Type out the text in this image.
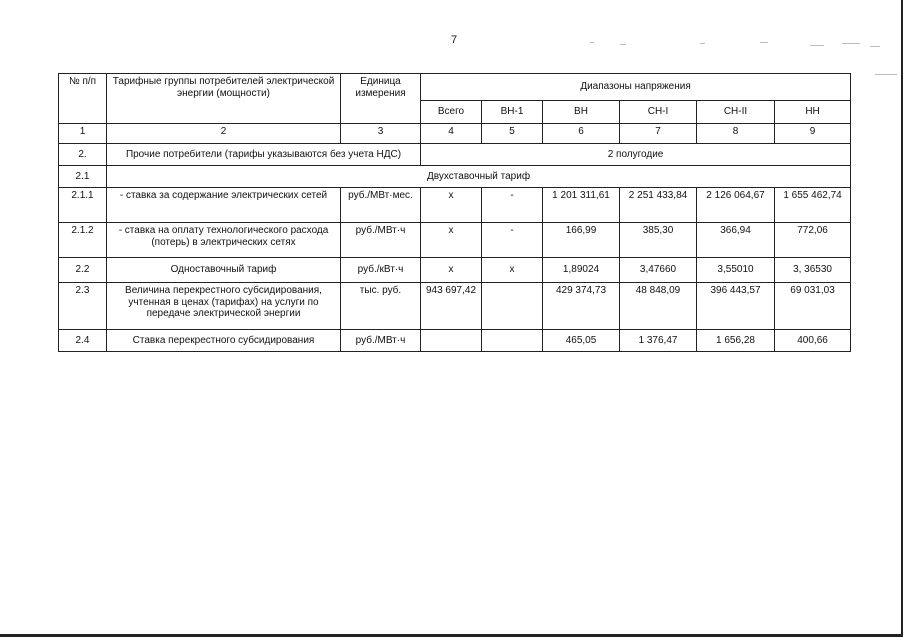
7
№ п/п	Тарифные группы потребителей электрической энергии (мощности)	Единица измерения	Диапазоны напряжения					
			Всего	ВН-1	ВН	СН-I	СН-II	НН
1	2	3	4	5	6	7	8	9
2.	Прочие потребители (тарифы указываются без учета НДС)		2 полугодие					
2.1	Двухставочный тариф							
2.1.1	- ставка за содержание электрических сетей	руб./МВт·мес.	х	-	1 201 311,61	2 251 433,84	2 126 064,67	1 655 462,74
2.1.2	- ставка на оплату технологического расхода (потерь) в электрических сетях	руб./МВт·ч	х	-	166,99	385,30	366,94	772,06
2.2	Одноставочный тариф	руб./кВт·ч	х	х	1,89024	3,47660	3,55010	3, 36530
2.3	Величина перекрестного субсидирования, учтенная в ценах (тарифах) на услуги по передаче электрической энергии	тыс. руб.	943 697,42		429 374,73	48 848,09	396 443,57	69 031,03
2.4	Ставка перекрестного субсидирования	руб./МВт·ч			465,05	1 376,47	1 656,28	400,66
